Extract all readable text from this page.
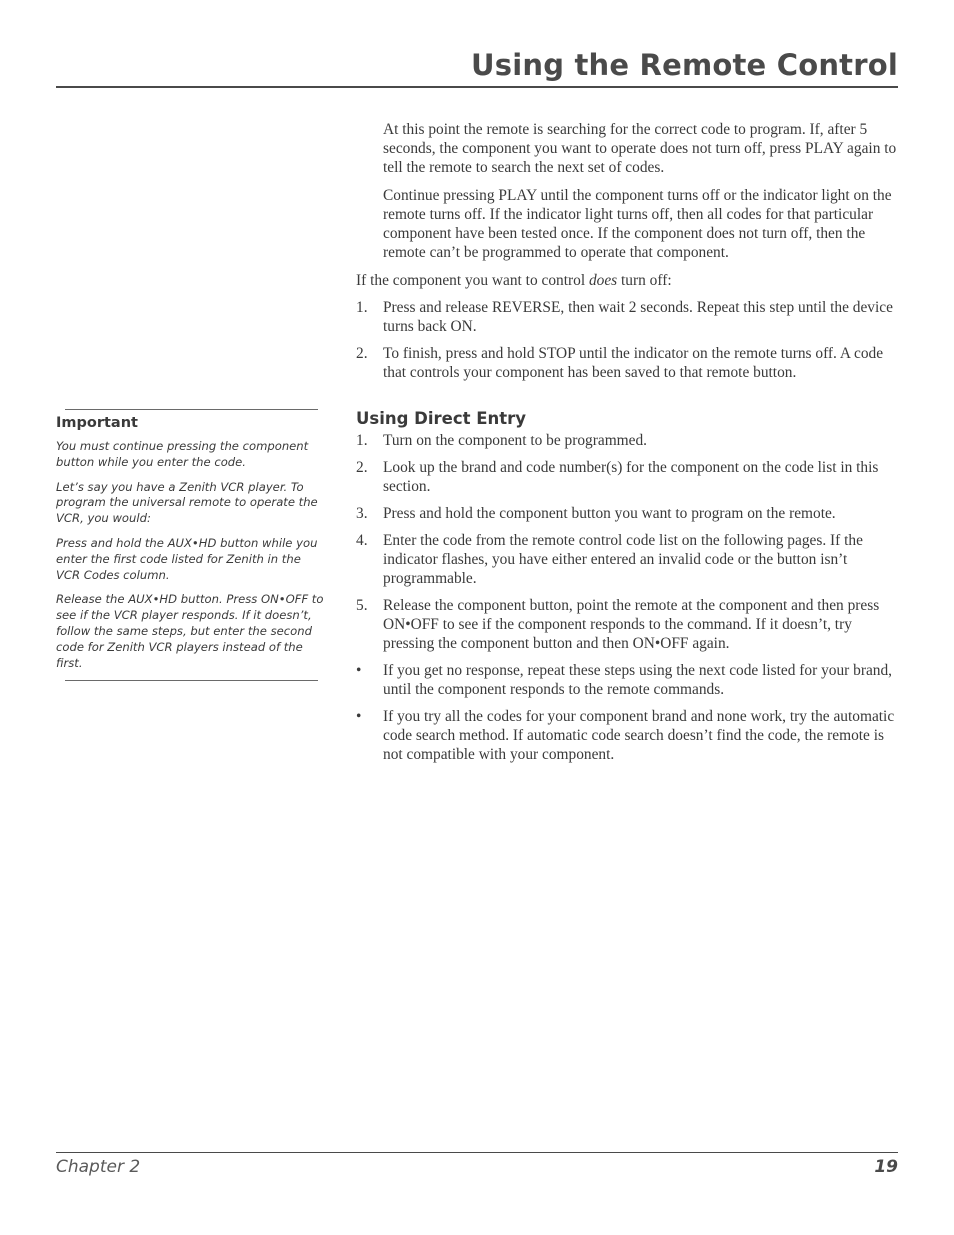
Using the Remote Control
Important

You must continue pressing the component button while you enter the code.

Let’s say you have a Zenith VCR player. To program the universal remote to operate the VCR, you would:

Press and hold the AUX•HD button while you enter the first code listed for Zenith in the VCR Codes column.

Release the AUX•HD button. Press ON•OFF to see if the VCR player responds. If it doesn’t, follow the same steps, but enter the second code for Zenith VCR players instead of the first.

At this point the remote is searching for the correct code to program. If, after 5 seconds, the component you want to operate does not turn off, press PLAY again to tell the remote to search the next set of codes.

Continue pressing PLAY until the component turns off or the indicator light on the remote turns off. If the indicator light turns off, then all codes for that particular component have been tested once. If the component does not turn off, then the remote can’t be programmed to operate that component.

If the component you want to control does turn off:

1. Press and release REVERSE, then wait 2 seconds. Repeat this step until the device turns back ON.
2. To finish, press and hold STOP until the indicator on the remote turns off. A code that controls your component has been saved to that remote button.
Using Direct Entry
1. Turn on the component to be programmed.
2. Look up the brand and code number(s) for the component on the code list in this section.
3. Press and hold the component button you want to program on the remote.
4. Enter the code from the remote control code list on the following pages. If the indicator flashes, you have either entered an invalid code or the button isn’t programmable.
5. Release the component button, point the remote at the component and then press ON•OFF to see if the component responds to the command. If it doesn’t, try pressing the component button and then ON•OFF again.
• If you get no response, repeat these steps using the next code listed for your brand, until the component responds to the remote commands.
• If you try all the codes for your component brand and none work, try the automatic code search method. If automatic code search doesn’t find the code, the remote is not compatible with your component.
Chapter 2	19
